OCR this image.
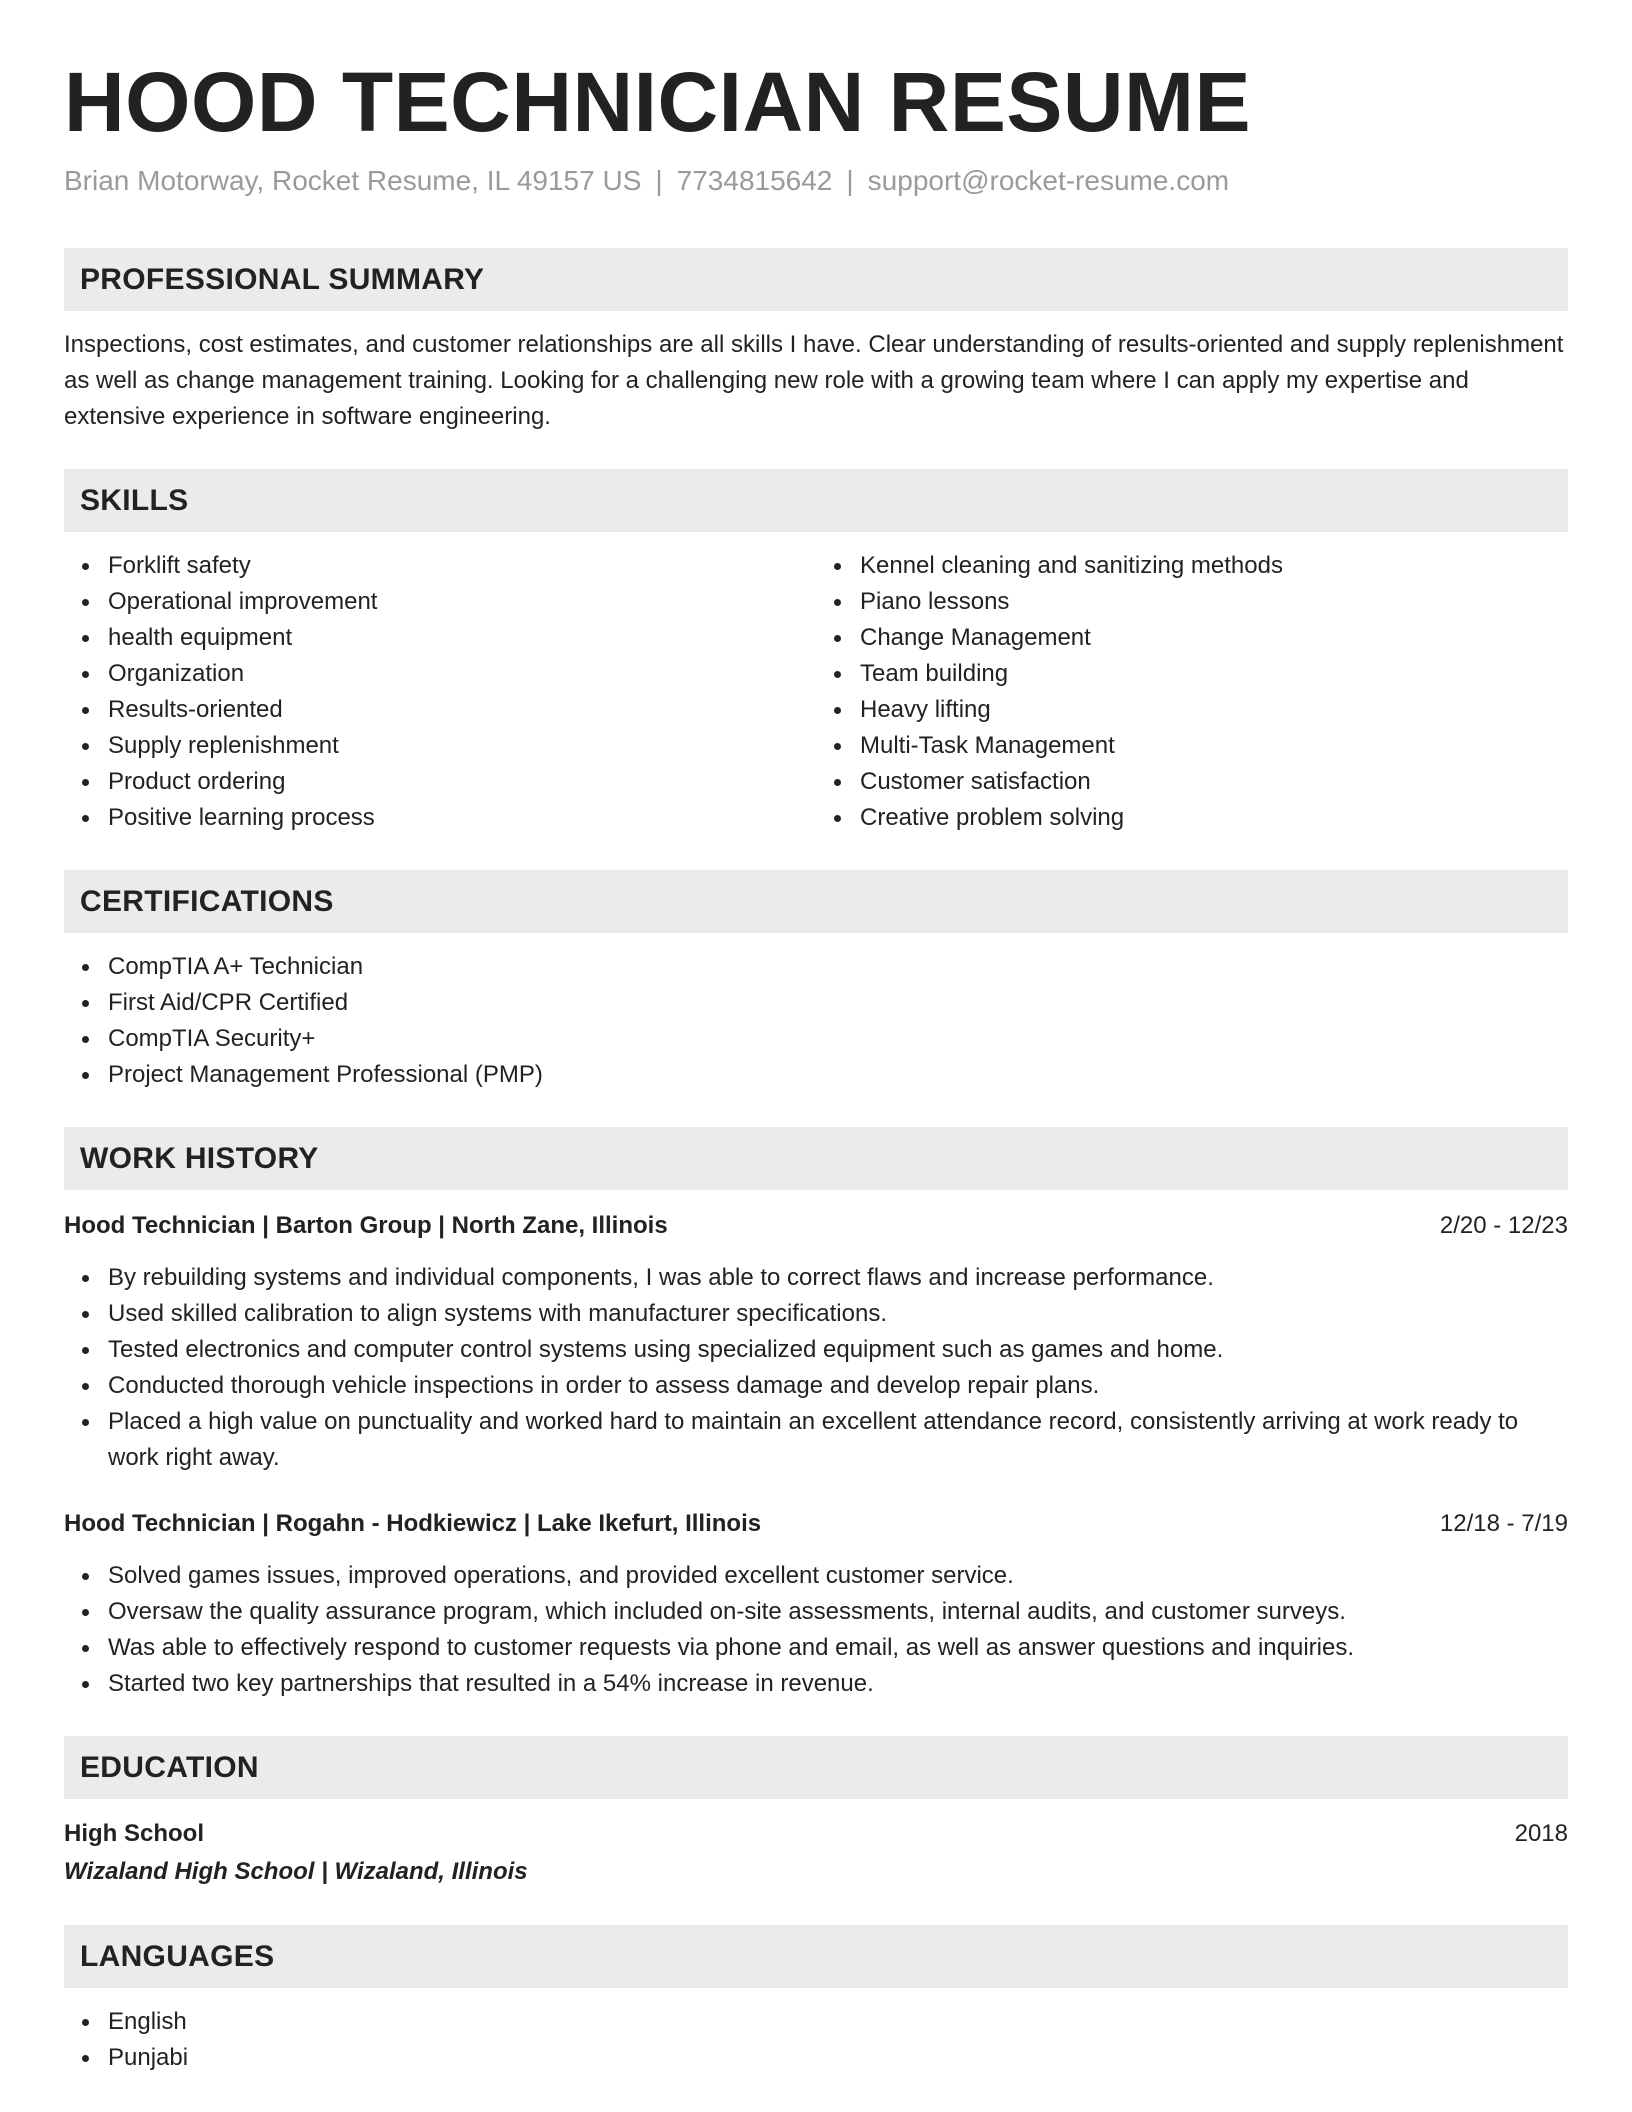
HOOD TECHNICIAN RESUME
Brian Motorway, Rocket Resume, IL 49157 US | 7734815642 | support@rocket-resume.com
PROFESSIONAL SUMMARY

Inspections, cost estimates, and customer relationships are all skills I have. Clear understanding of results-oriented and supply replenishment as well as change management training. Looking for a challenging new role with a growing team where I can apply my expertise and extensive experience in software engineering.

SKILLS
Forklift safety
Operational improvement
health equipment
Organization
Results-oriented
Supply replenishment
Product ordering
Positive learning process
Kennel cleaning and sanitizing methods
Piano lessons
Change Management
Team building
Heavy lifting
Multi-Task Management
Customer satisfaction
Creative problem solving
CERTIFICATIONS
CompTIA A+ Technician
First Aid/CPR Certified
CompTIA Security+
Project Management Professional (PMP)
WORK HISTORY
Hood Technician | Barton Group | North Zane, Illinois	2/20 - 12/23
By rebuilding systems and individual components, I was able to correct flaws and increase performance.
Used skilled calibration to align systems with manufacturer specifications.
Tested electronics and computer control systems using specialized equipment such as games and home.
Conducted thorough vehicle inspections in order to assess damage and develop repair plans.
Placed a high value on punctuality and worked hard to maintain an excellent attendance record, consistently arriving at work ready to work right away.
Hood Technician | Rogahn - Hodkiewicz | Lake Ikefurt, Illinois	12/18 - 7/19
Solved games issues, improved operations, and provided excellent customer service.
Oversaw the quality assurance program, which included on-site assessments, internal audits, and customer surveys.
Was able to effectively respond to customer requests via phone and email, as well as answer questions and inquiries.
Started two key partnerships that resulted in a 54% increase in revenue.
EDUCATION
High School	2018
Wizaland High School | Wizaland, Illinois
LANGUAGES
English
Punjabi
